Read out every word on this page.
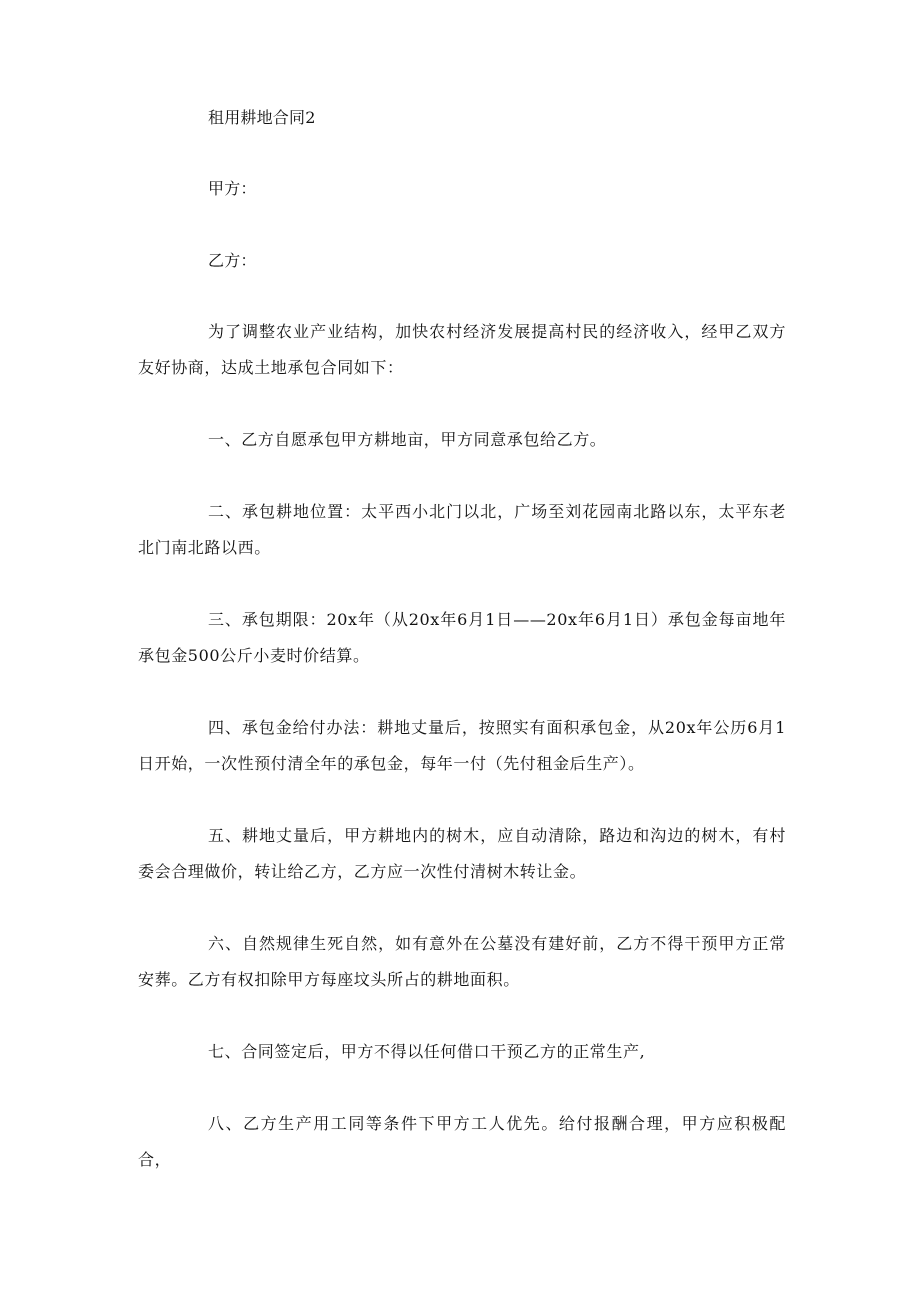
租用耕地合同2
甲方：
乙方：
为了调整农业产业结构，加快农村经济发展提高村民的经济收入，经甲乙双方友好协商，达成土地承包合同如下：
一、乙方自愿承包甲方耕地亩，甲方同意承包给乙方。
二、承包耕地位置：太平西小北门以北，广场至刘花园南北路以东，太平东老北门南北路以西。
三、承包期限：20x年（从20x年6月1日——20x年6月1日）承包金每亩地年承包金500公斤小麦时价结算。
四、承包金给付办法：耕地丈量后，按照实有面积承包金，从20x年公历6月1日开始，一次性预付清全年的承包金，每年一付（先付租金后生产）。
五、耕地丈量后，甲方耕地内的树木，应自动清除，路边和沟边的树木，有村委会合理做价，转让给乙方，乙方应一次性付清树木转让金。
六、自然规律生死自然，如有意外在公墓没有建好前，乙方不得干预甲方正常安葬。乙方有权扣除甲方每座坟头所占的耕地面积。
七、合同签定后，甲方不得以任何借口干预乙方的正常生产,
八、乙方生产用工同等条件下甲方工人优先。给付报酬合理，甲方应积极配合，
